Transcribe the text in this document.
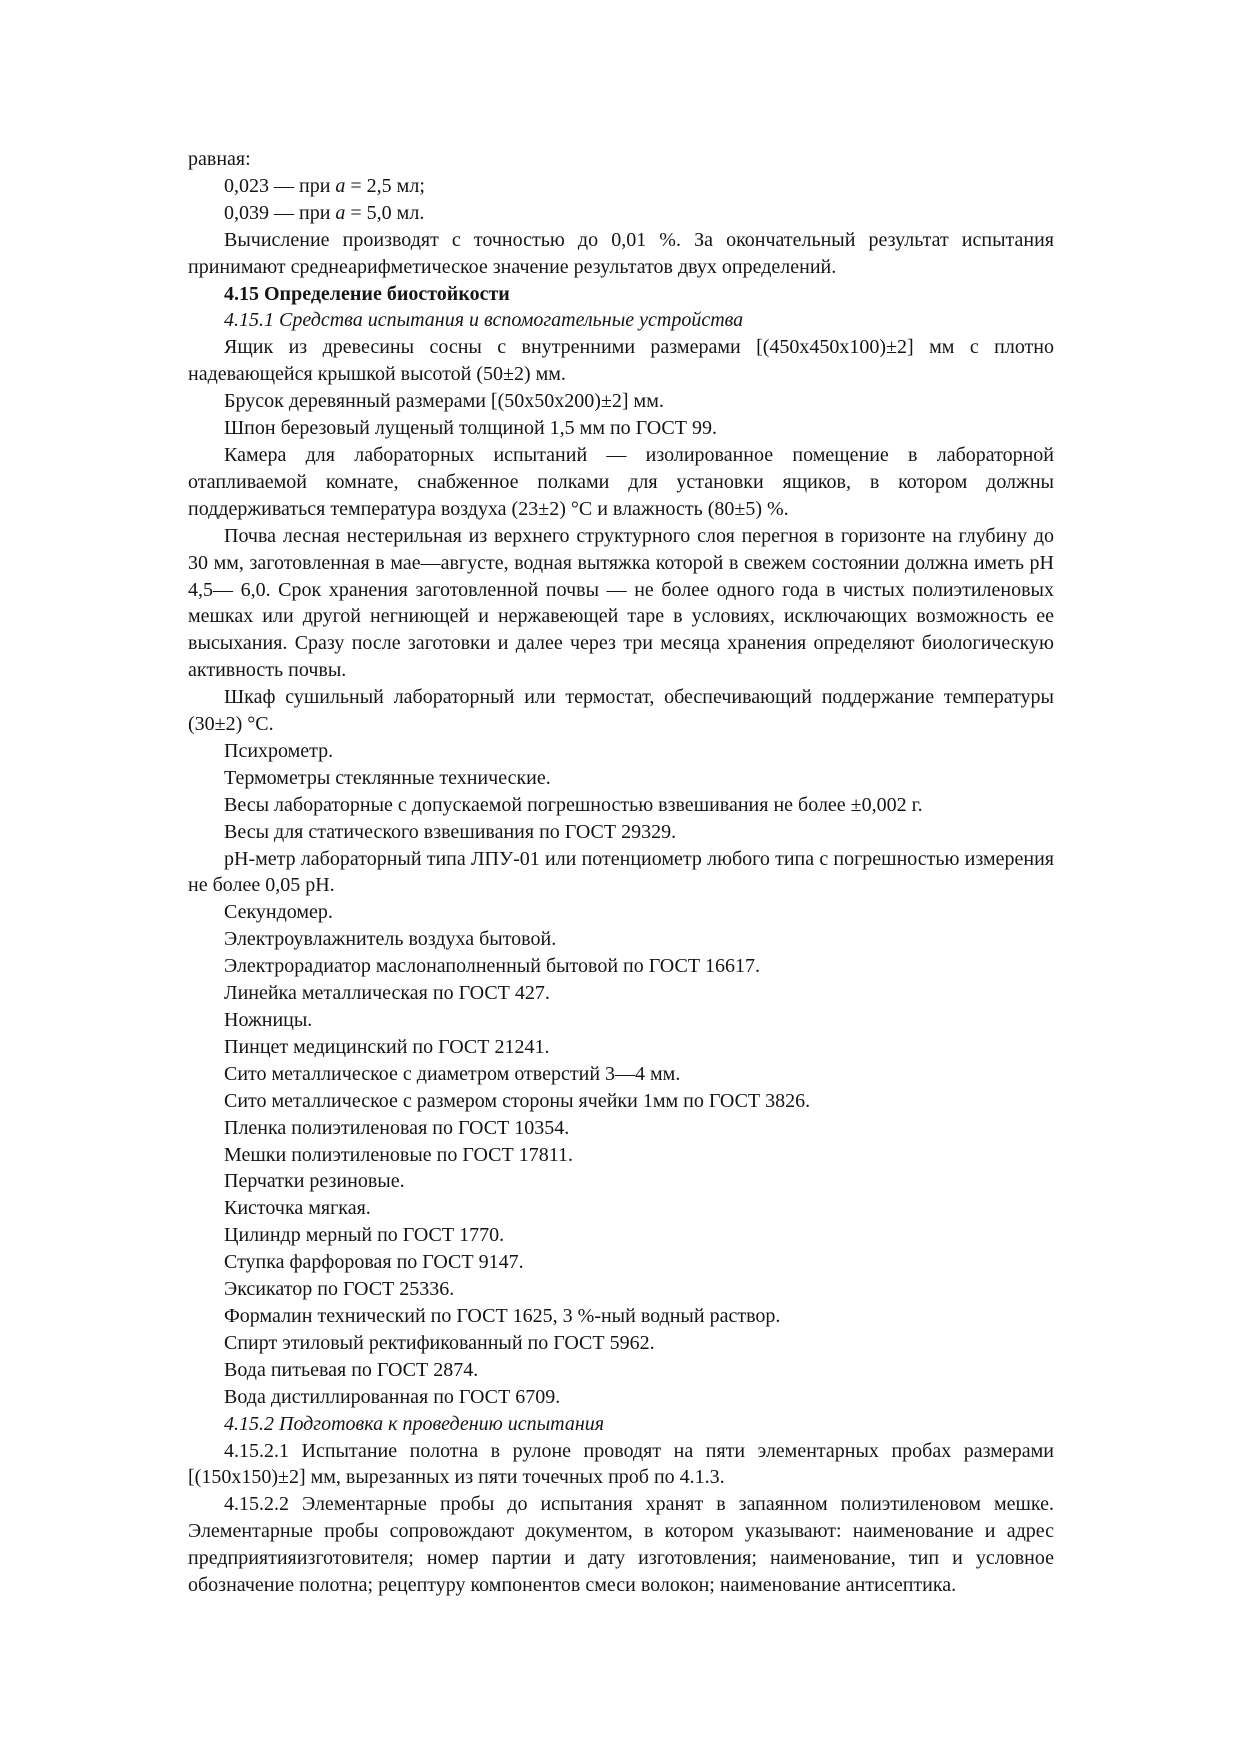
равная:

0,023 — при a = 2,5 мл;

0,039 — при a = 5,0 мл.

Вычисление производят с точностью до 0,01 %. За окончательный результат испытания принимают среднеарифметическое значение результатов двух определений.

4.15 Определение биостойкости

4.15.1 Средства испытания и вспомогательные устройства

Ящик из древесины сосны с внутренними размерами [(450x450x100)±2] мм с плотно надевающейся крышкой высотой (50±2) мм.

Брусок деревянный размерами [(50x50x200)±2] мм.

Шпон березовый лущеный толщиной 1,5 мм по ГОСТ 99.

Камера для лабораторных испытаний — изолированное помещение в лабораторной отапливаемой комнате, снабженное полками для установки ящиков, в котором должны поддерживаться температура воздуха (23±2) °С и влажность (80±5) %.

Почва лесная нестерильная из верхнего структурного слоя перегноя в горизонте на глубину до 30 мм, заготовленная в мае—августе, водная вытяжка которой в свежем состоянии должна иметь pH 4,5— 6,0. Срок хранения заготовленной почвы — не более одного года в чистых полиэтиленовых мешках или другой негниющей и нержавеющей таре в условиях, исключающих возможность ее высыхания. Сразу после заготовки и далее через три месяца хранения определяют биологическую активность почвы.

Шкаф сушильный лабораторный или термостат, обеспечивающий поддержание температуры (30±2) °С.

Психрометр.

Термометры стеклянные технические.

Весы лабораторные с допускаемой погрешностью взвешивания не более ±0,002 г.

Весы для статического взвешивания по ГОСТ 29329.

pH-метр лабораторный типа ЛПУ-01 или потенциометр любого типа с погрешностью измерения не более 0,05 pH.

Секундомер.

Электроувлажнитель воздуха бытовой.

Электрорадиатор маслонаполненный бытовой по ГОСТ 16617.

Линейка металлическая по ГОСТ 427.

Ножницы.

Пинцет медицинский по ГОСТ 21241.

Сито металлическое с диаметром отверстий 3—4 мм.

Сито металлическое с размером стороны ячейки 1мм по ГОСТ 3826.

Пленка полиэтиленовая по ГОСТ 10354.

Мешки полиэтиленовые по ГОСТ 17811.

Перчатки резиновые.

Кисточка мягкая.

Цилиндр мерный по ГОСТ 1770.

Ступка фарфоровая по ГОСТ 9147.

Эксикатор по ГОСТ 25336.

Формалин технический по ГОСТ 1625, 3 %-ный водный раствор.

Спирт этиловый ректификованный по ГОСТ 5962.

Вода питьевая по ГОСТ 2874.

Вода дистиллированная по ГОСТ 6709.

4.15.2 Подготовка к проведению испытания

4.15.2.1 Испытание полотна в рулоне проводят на пяти элементарных пробах размерами [(150x150)±2] мм, вырезанных из пяти точечных проб по 4.1.3.

4.15.2.2 Элементарные пробы до испытания хранят в запаянном полиэтиленовом мешке. Элементарные пробы сопровождают документом, в котором указывают: наименование и адрес предприятияизготовителя; номер партии и дату изготовления; наименование, тип и условное обозначение полотна; рецептуру компонентов смеси волокон; наименование антисептика.
